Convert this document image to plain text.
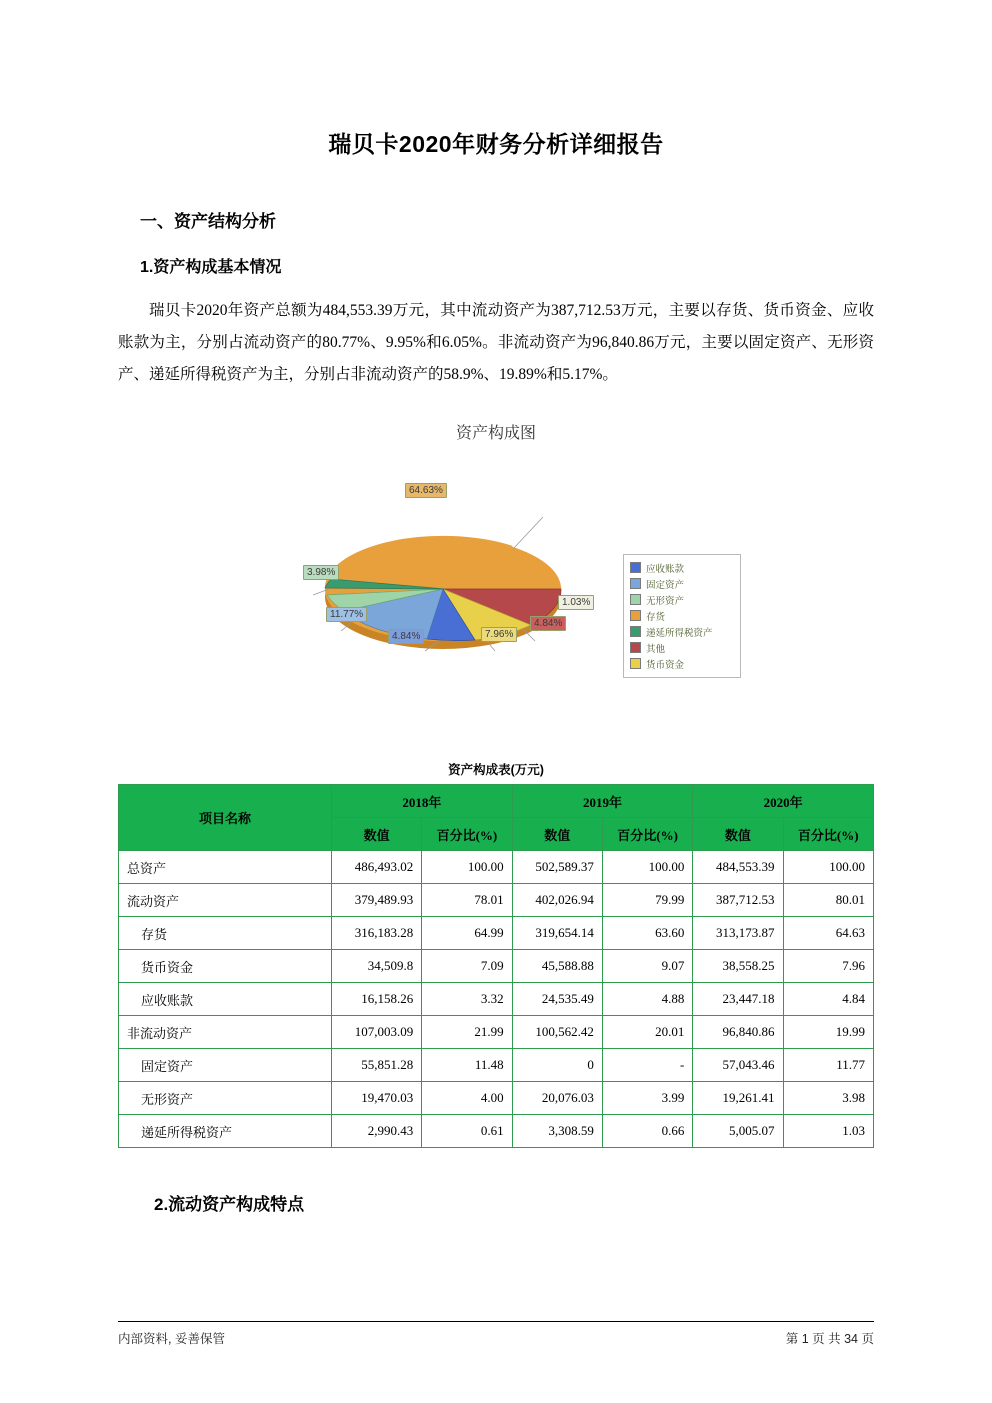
瑞贝卡2020年财务分析详细报告
一、资产结构分析
1.资产构成基本情况
瑞贝卡2020年资产总额为484,553.39万元，其中流动资产为387,712.53万元，主要以存货、货币资金、应收账款为主，分别占流动资产的80.77%、9.95%和6.05%。非流动资产为96,840.86万元，主要以固定资产、无形资产、递延所得税资产为主，分别占非流动资产的58.9%、19.89%和5.17%。
资产构成图
64.63%
1.03%
4.84%
7.96%
4.84%
11.77%
3.98%	应收账款
固定资产
无形资产
存货
递延所得税资产
其他
货币资金
资产构成表(万元)
项目名称	2018年		2019年		2020年	
	数值	百分比(%)	数值	百分比(%)	数值	百分比(%)
总资产	486,493.02	100.00	502,589.37	100.00	484,553.39	100.00
流动资产	379,489.93	78.01	402,026.94	79.99	387,712.53	80.01
存货	316,183.28	64.99	319,654.14	63.60	313,173.87	64.63
货币资金	34,509.8	7.09	45,588.88	9.07	38,558.25	7.96
应收账款	16,158.26	3.32	24,535.49	4.88	23,447.18	4.84
非流动资产	107,003.09	21.99	100,562.42	20.01	96,840.86	19.99
固定资产	55,851.28	11.48	0	-	57,043.46	11.77
无形资产	19,470.03	4.00	20,076.03	3.99	19,261.41	3.98
递延所得税资产	2,990.43	0.61	3,308.59	0.66	5,005.07	1.03
2.流动资产构成特点
内部资料, 妥善保管	第 1 页 共 34 页
